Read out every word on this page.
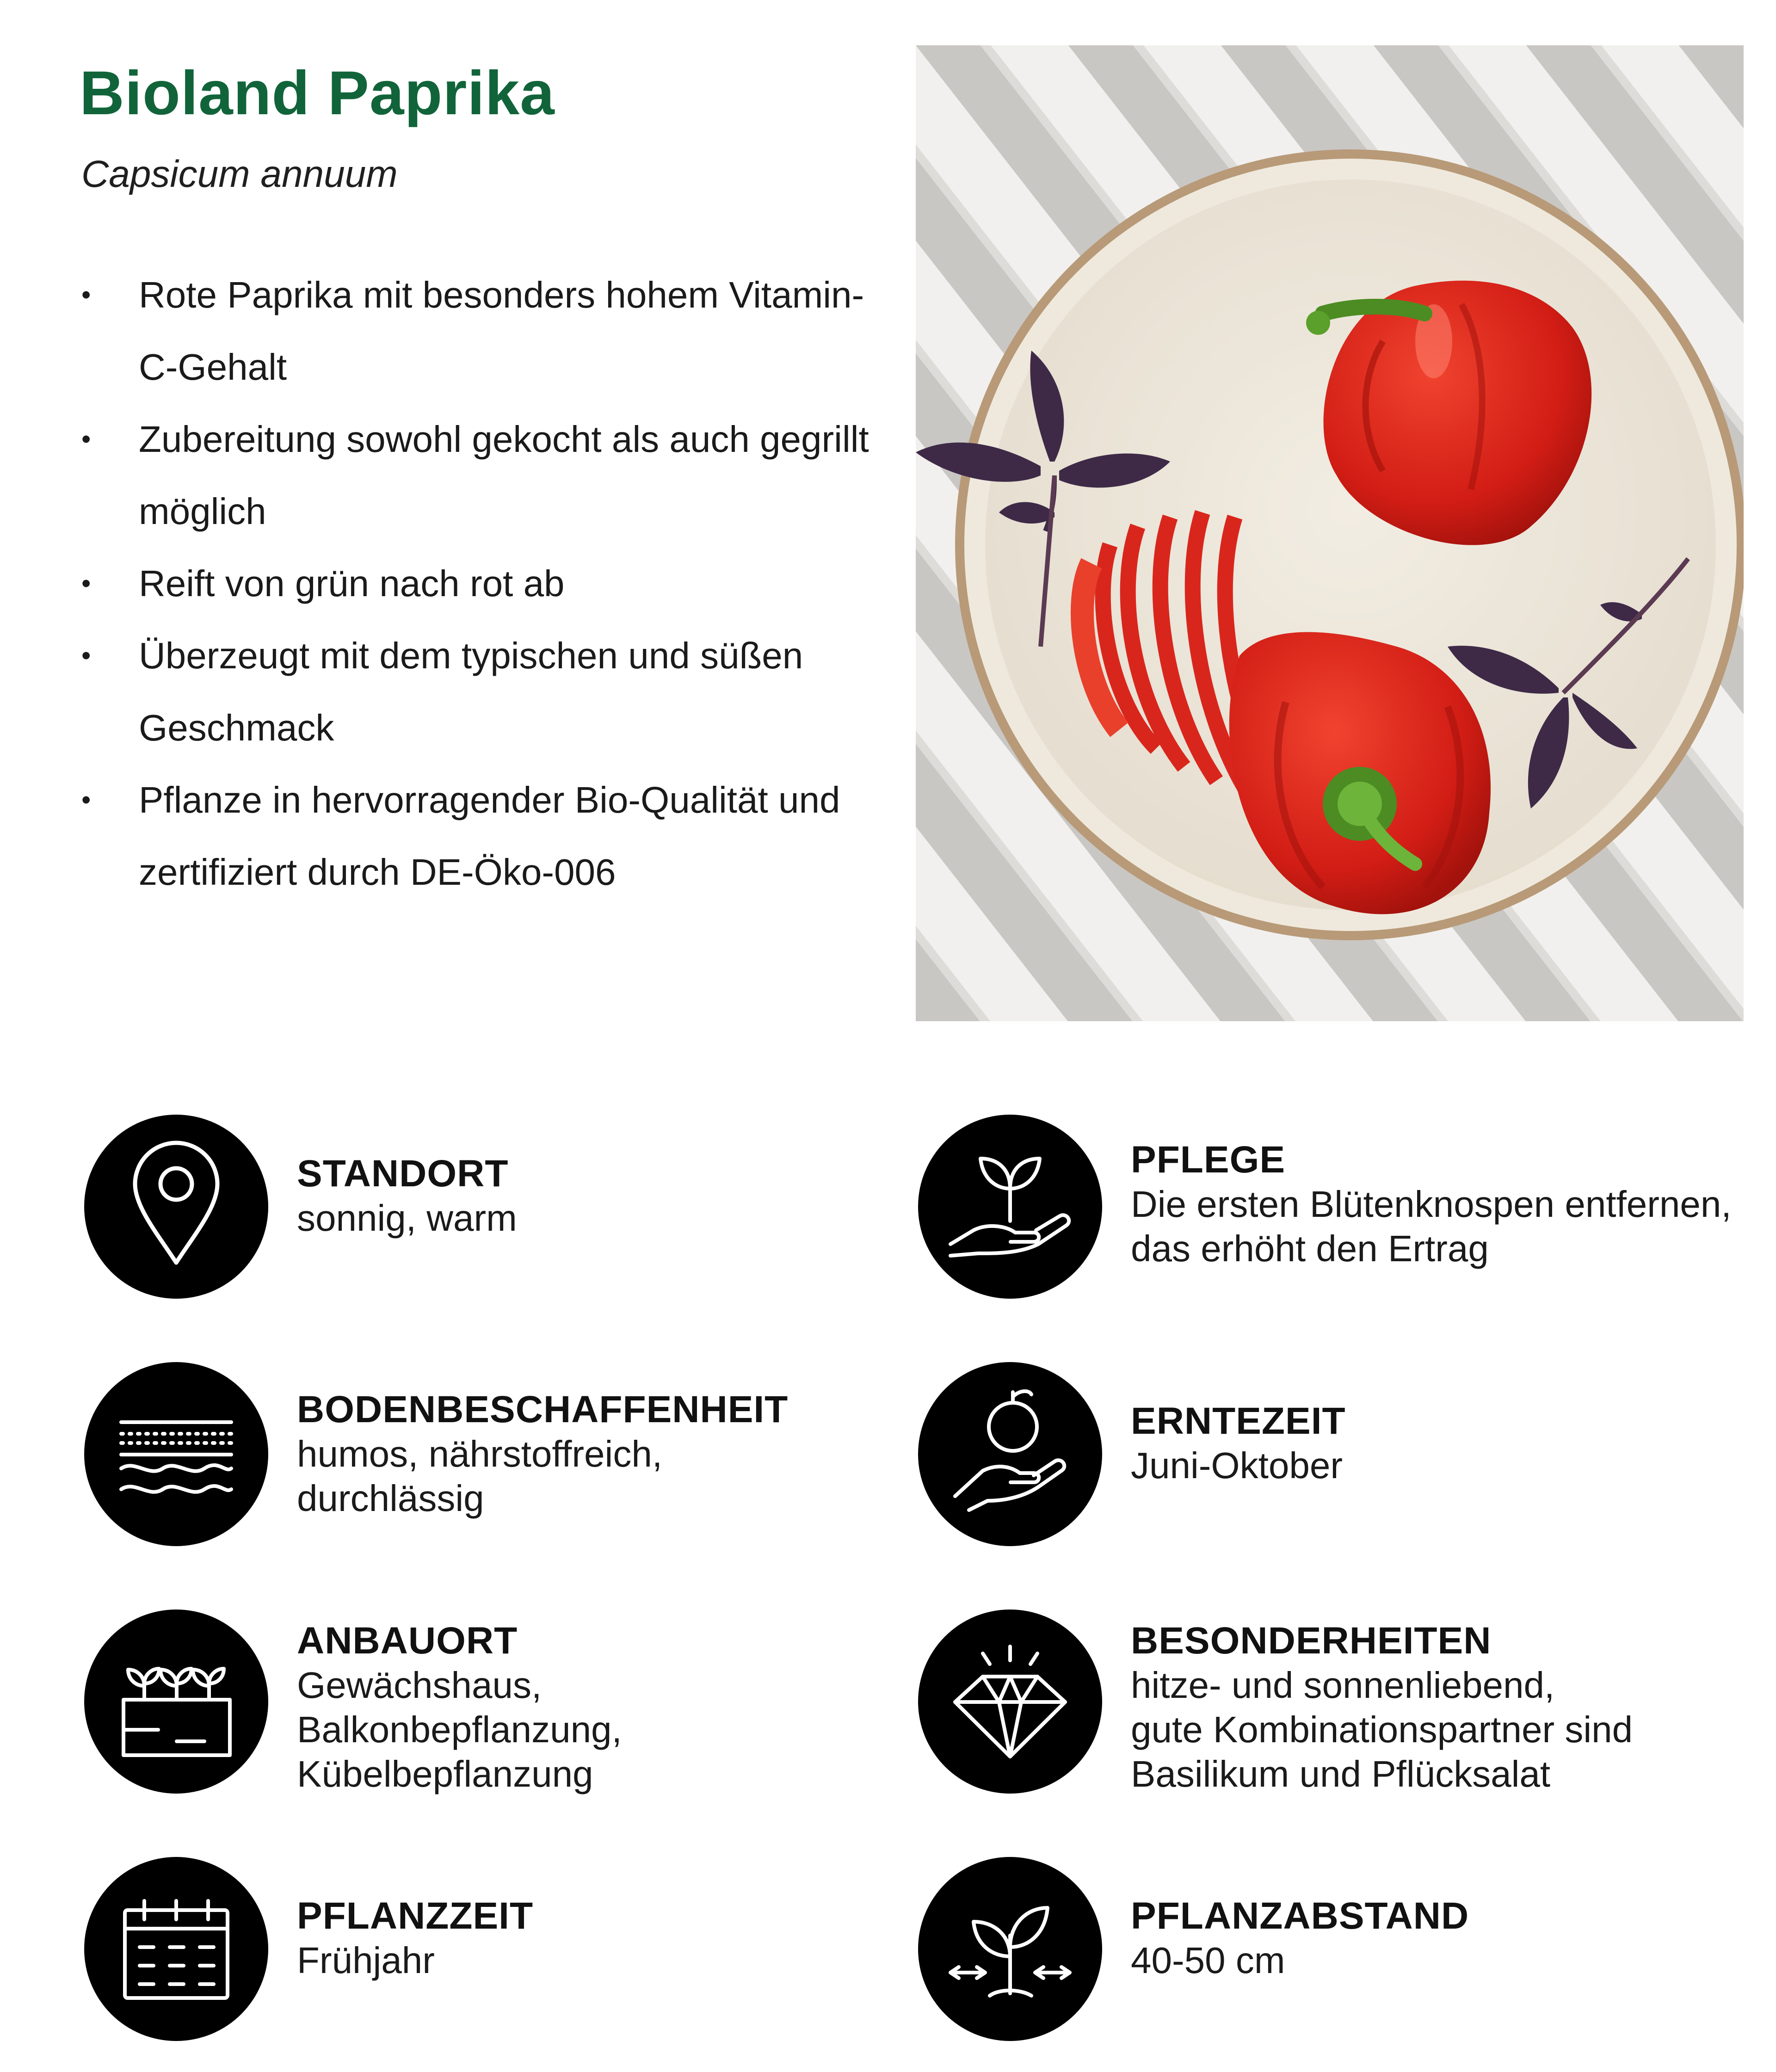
Bioland Paprika

Capsicum annuum

• Rote Paprika mit besonders hohem Vitamin-C-Gehalt
• Zubereitung sowohl gekocht als auch gegrillt möglich
• Reift von grün nach rot ab
• Überzeugt mit dem typischen und süßen Geschmack
• Pflanze in hervorragender Bio-Qualität und zertifiziert durch DE-Öko-006
STANDORT
sonnig, warm
PFLEGE
Die ersten Blütenknospen entfernen,
das erhöht den Ertrag
BODENBESCHAFFENHEIT
humos, nährstoffreich,
durchlässig
ERNTEZEIT
Juni-Oktober
ANBAUORT
Gewächshaus,
Balkonbepflanzung,
Kübelbepflanzung
BESONDERHEITEN
hitze- und sonnenliebend,
gute Kombinationspartner sind
Basilikum und Pflücksalat
PFLANZZEIT
Frühjahr
PFLANZABSTAND
40-50 cm
